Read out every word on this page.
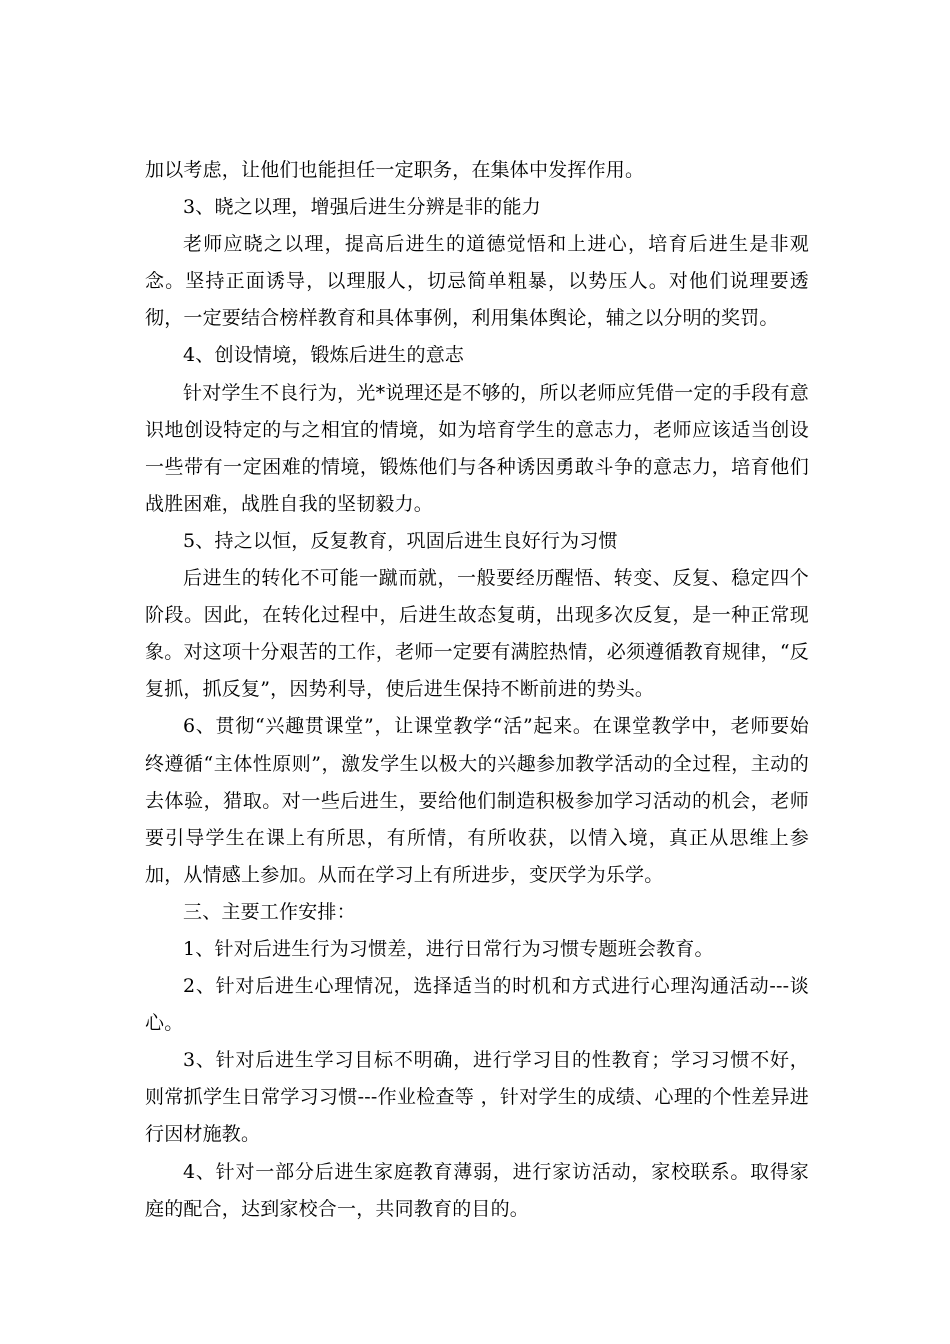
加以考虑，让他们也能担任一定职务，在集体中发挥作用。

3、晓之以理，增强后进生分辨是非的能力

老师应晓之以理，提高后进生的道德觉悟和上进心，培育后进生是非观念。坚持正面诱导，以理服人，切忌简单粗暴，以势压人。对他们说理要透彻，一定要结合榜样教育和具体事例，利用集体舆论，辅之以分明的奖罚。

4、创设情境，锻炼后进生的意志

针对学生不良行为，光*说理还是不够的，所以老师应凭借一定的手段有意识地创设特定的与之相宜的情境，如为培育学生的意志力，老师应该适当创设一些带有一定困难的情境，锻炼他们与各种诱因勇敢斗争的意志力，培育他们战胜困难，战胜自我的坚韧毅力。

5、持之以恒，反复教育，巩固后进生良好行为习惯

后进生的转化不可能一蹴而就，一般要经历醒悟、转变、反复、稳定四个阶段。因此，在转化过程中，后进生故态复萌，出现多次反复，是一种正常现象。对这项十分艰苦的工作，老师一定要有满腔热情，必须遵循教育规律，“反复抓，抓反复”，因势利导，使后进生保持不断前进的势头。

6、贯彻“兴趣贯课堂”，让课堂教学“活”起来。在课堂教学中，老师要始终遵循“主体性原则”，激发学生以极大的兴趣参加教学活动的全过程，主动的去体验，猎取。对一些后进生，要给他们制造积极参加学习活动的机会，老师要引导学生在课上有所思，有所情，有所收获，以情入境，真正从思维上参加，从情感上参加。从而在学习上有所进步，变厌学为乐学。

三、主要工作安排：

1、针对后进生行为习惯差，进行日常行为习惯专题班会教育。

2、针对后进生心理情况，选择适当的时机和方式进行心理沟通活动---谈心。

3、针对后进生学习目标不明确，进行学习目的性教育；学习习惯不好，则常抓学生日常学习习惯---作业检查等 ，针对学生的成绩、心理的个性差异进行因材施教。

4、针对一部分后进生家庭教育薄弱，进行家访活动，家校联系。取得家庭的配合，达到家校合一，共同教育的目的。
